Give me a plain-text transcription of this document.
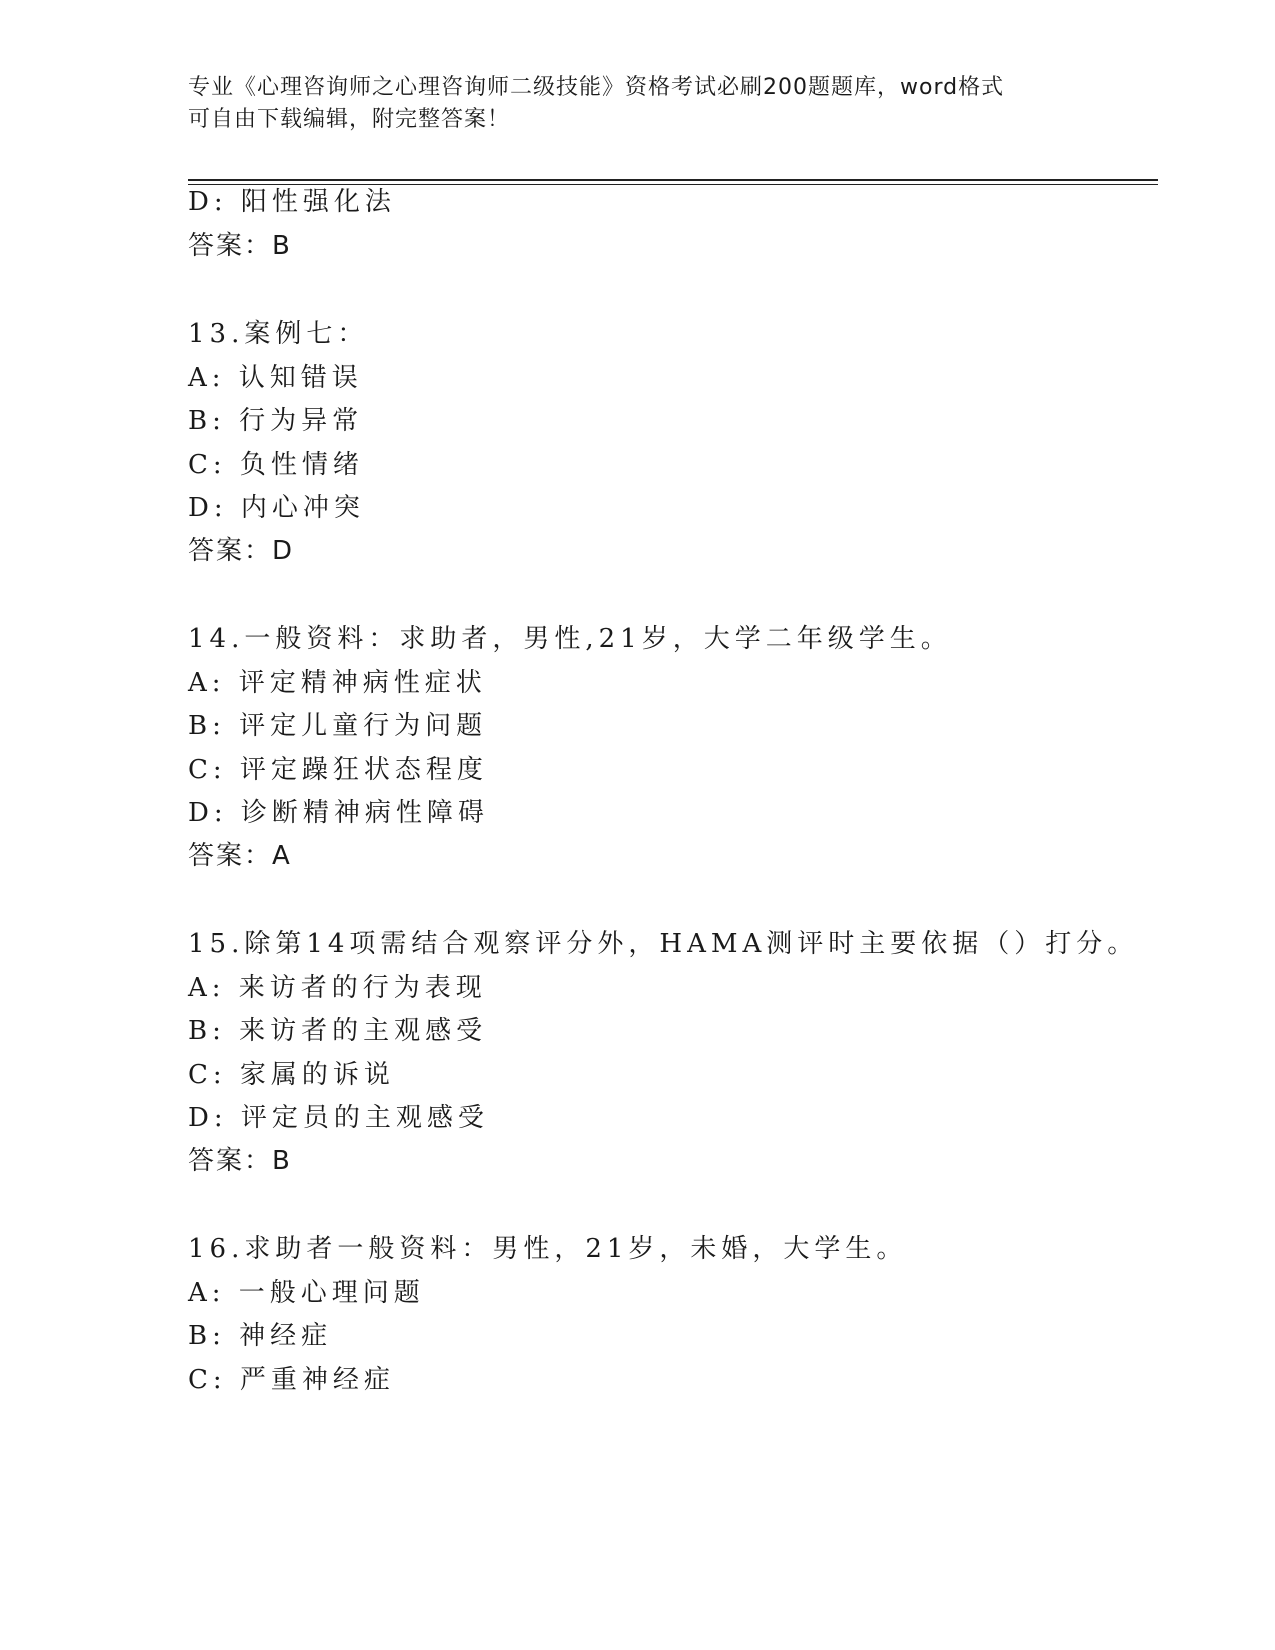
专业《心理咨询师之心理咨询师二级技能》资格考试必刷200题题库，word格式
可自由下载编辑，附完整答案！
D: 阳性强化法
答案：B
13.案例七：
A: 认知错误
B: 行为异常
C: 负性情绪
D: 内心冲突
答案：D
14.一般资料：求助者，男性,21岁，大学二年级学生。
A: 评定精神病性症状
B: 评定儿童行为问题
C: 评定躁狂状态程度
D: 诊断精神病性障碍
答案：A
15.除第14项需结合观察评分外，HAMA测评时主要依据（）打分。
A: 来访者的行为表现
B: 来访者的主观感受
C: 家属的诉说
D: 评定员的主观感受
答案：B
16.求助者一般资料：男性，21岁，未婚，大学生。
A: 一般心理问题
B: 神经症
C: 严重神经症
